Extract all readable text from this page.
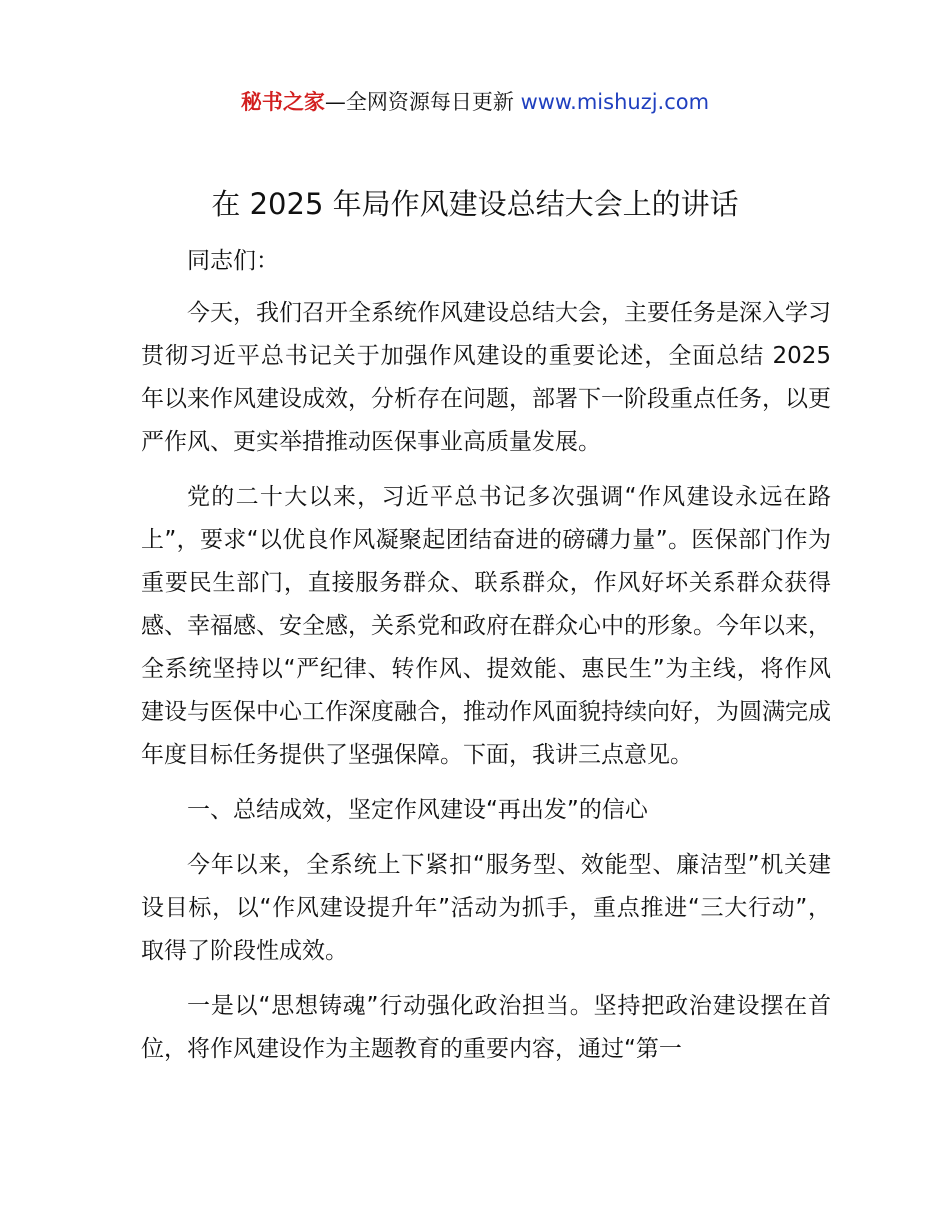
秘书之家—全网资源每日更新 www.mishuzj.com
在 2025 年局作风建设总结大会上的讲话

同志们：

今天，我们召开全系统作风建设总结大会，主要任务是深入学习贯彻习近平总书记关于加强作风建设的重要论述，全面总结 2025 年以来作风建设成效，分析存在问题，部署下一阶段重点任务，以更严作风、更实举措推动医保事业高质量发展。

党的二十大以来，习近平总书记多次强调“作风建设永远在路上”，要求“以优良作风凝聚起团结奋进的磅礴力量”。医保部门作为重要民生部门，直接服务群众、联系群众，作风好坏关系群众获得感、幸福感、安全感，关系党和政府在群众心中的形象。今年以来，全系统坚持以“严纪律、转作风、提效能、惠民生”为主线，将作风建设与医保中心工作深度融合，推动作风面貌持续向好，为圆满完成年度目标任务提供了坚强保障。下面，我讲三点意见。

一、总结成效，坚定作风建设“再出发”的信心

今年以来，全系统上下紧扣“服务型、效能型、廉洁型”机关建设目标，以“作风建设提升年”活动为抓手，重点推进“三大行动”，取得了阶段性成效。

一是以“思想铸魂”行动强化政治担当。坚持把政治建设摆在首位，将作风建设作为主题教育的重要内容，通过“第一
